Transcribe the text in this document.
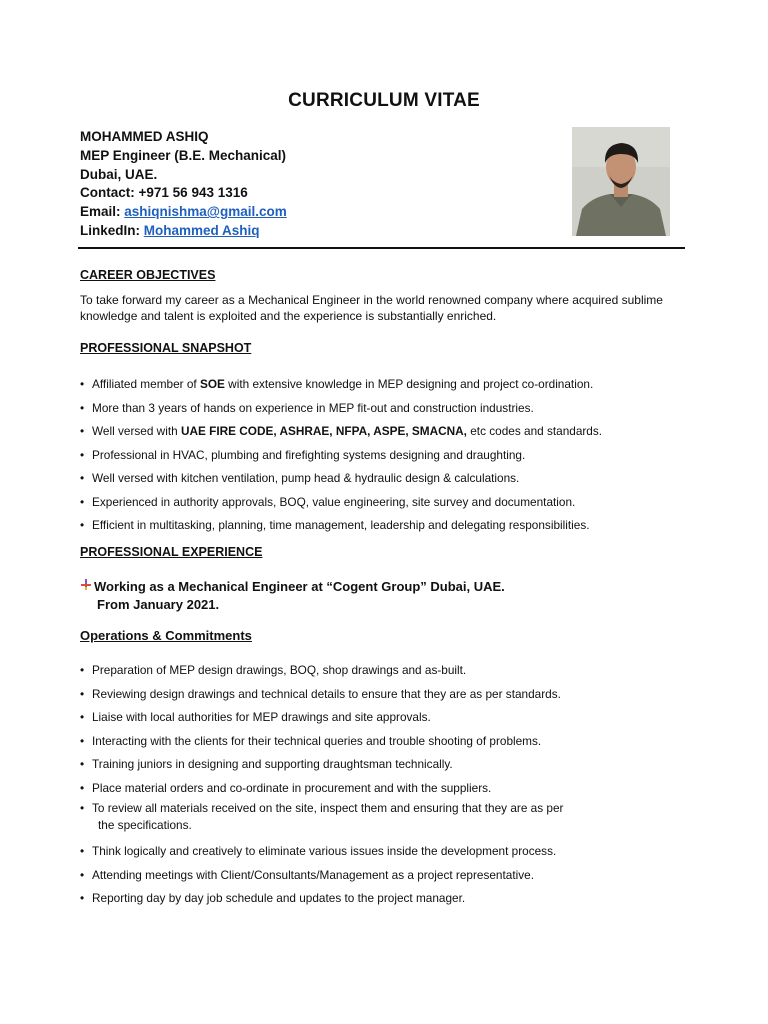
CURRICULUM VITAE
MOHAMMED ASHIQ
MEP Engineer (B.E. Mechanical)
Dubai, UAE.
Contact: +971 56 943 1316
Email: ashiqnishma@gmail.com
LinkedIn: Mohammed Ashiq
CAREER OBJECTIVES
To take forward my career as a Mechanical Engineer in the world renowned company where acquired sublime knowledge and talent is exploited and the experience is substantially enriched.
PROFESSIONAL SNAPSHOT
• Affiliated member of SOE with extensive knowledge in MEP designing and project co-ordination.
• More than 3 years of hands on experience in MEP fit-out and construction industries.
• Well versed with UAE FIRE CODE, ASHRAE, NFPA, ASPE, SMACNA, etc codes and standards.
• Professional in HVAC, plumbing and firefighting systems designing and draughting.
• Well versed with kitchen ventilation, pump head & hydraulic design & calculations.
• Experienced in authority approvals, BOQ, value engineering, site survey and documentation.
• Efficient in multitasking, planning, time management, leadership and delegating responsibilities.
PROFESSIONAL EXPERIENCE
Working as a Mechanical Engineer at “Cogent Group” Dubai, UAE.
From January 2021.
Operations & Commitments
• Preparation of MEP design drawings, BOQ, shop drawings and as-built.
• Reviewing design drawings and technical details to ensure that they are as per standards.
• Liaise with local authorities for MEP drawings and site approvals.
• Interacting with the clients for their technical queries and trouble shooting of problems.
• Training juniors in designing and supporting draughtsman technically.
• Place material orders and co-ordinate in procurement and with the suppliers.
• To review all materials received on the site, inspect them and ensuring that they are as per
the specifications.
• Think logically and creatively to eliminate various issues inside the development process.
• Attending meetings with Client/Consultants/Management as a project representative.
• Reporting day by day job schedule and updates to the project manager.
